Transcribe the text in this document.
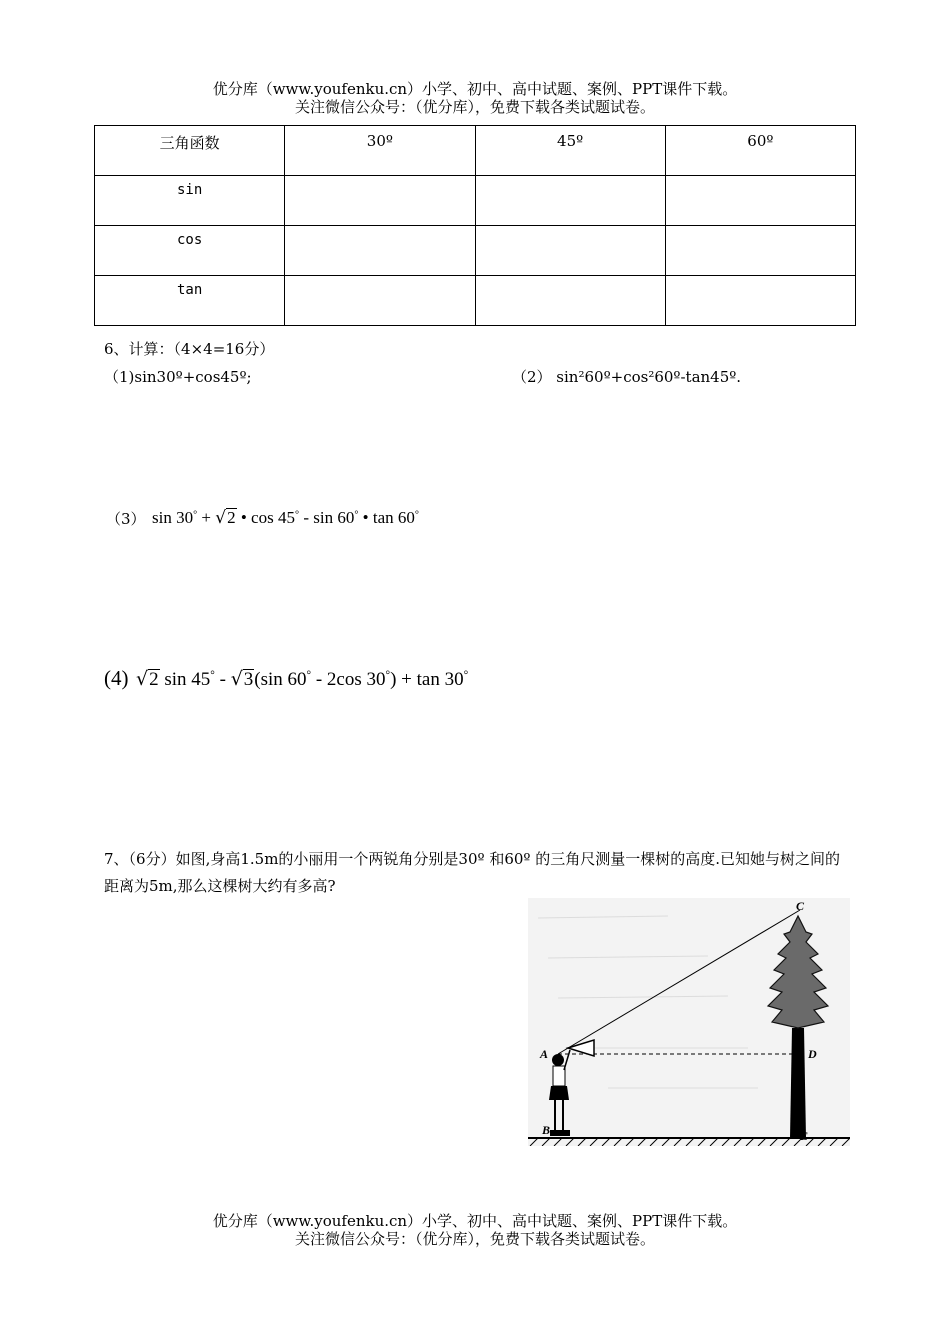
优分库（www.youfenku.cn）小学、初中、高中试题、案例、PPT课件下载。
关注微信公众号：（优分库），免费下载各类试题试卷。
三角函数	30º	45º	60º
sin			
cos			
tan			
6、计算：（4×4=16分）
（1)sin30º+cos45º;	（2） sin²60º+cos²60º-tan45º.
（3） sin 30° + √2 • cos 45° - sin 60° • tan 60°
(4) √2 sin 45° - √3(sin 60° - 2cos 30°) + tan 30°
7、（6分）如图,身高1.5m的小丽用一个两锐角分别是30º 和60º 的三角尺测量一棵树的高度.已知她与树之间的距离为5m,那么这棵树大约有多高?
A
B
C
D
E
优分库（www.youfenku.cn）小学、初中、高中试题、案例、PPT课件下载。
关注微信公众号：（优分库），免费下载各类试题试卷。
